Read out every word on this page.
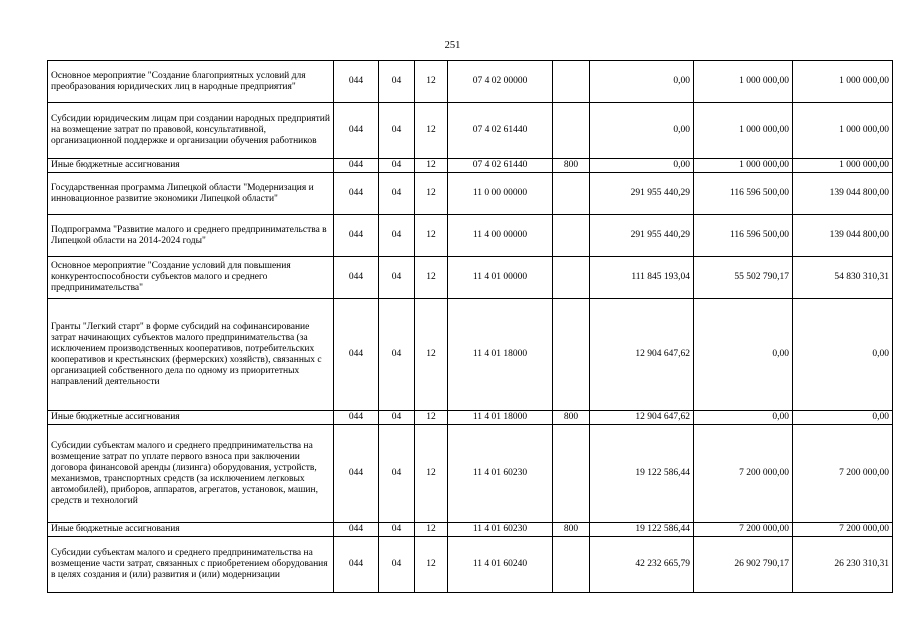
251
Основное мероприятие "Создание благоприятных условий для преобразования юридических лиц в народные предприятия"	044	04	12	07 4 02 00000		0,00	1 000 000,00	1 000 000,00
Субсидии юридическим лицам при создании народных предприятий на возмещение затрат по правовой, консультативной, организационной поддержке и организации обучения работников	044	04	12	07 4 02 61440		0,00	1 000 000,00	1 000 000,00
Иные бюджетные ассигнования	044	04	12	07 4 02 61440	800	0,00	1 000 000,00	1 000 000,00
Государственная программа Липецкой области "Модернизация и инновационное развитие экономики Липецкой области"	044	04	12	11 0 00 00000		291 955 440,29	116 596 500,00	139 044 800,00
Подпрограмма "Развитие малого и среднего предпринимательства в Липецкой области на 2014-2024 годы"	044	04	12	11 4 00 00000		291 955 440,29	116 596 500,00	139 044 800,00
Основное мероприятие "Создание условий для повышения конкурентоспособности субъектов малого и среднего предпринимательства"	044	04	12	11 4 01 00000		111 845 193,04	55 502 790,17	54 830 310,31
Гранты "Легкий старт" в форме субсидий на софинансирование затрат начинающих субъектов малого предпринимательства (за исключением производственных кооперативов, потребительских кооперативов и крестьянских (фермерских) хозяйств), связанных с организацией собственного дела по одному из приоритетных направлений деятельности	044	04	12	11 4 01 18000		12 904 647,62	0,00	0,00
Иные бюджетные ассигнования	044	04	12	11 4 01 18000	800	12 904 647,62	0,00	0,00
Субсидии субъектам малого и среднего предпринимательства на возмещение затрат по уплате первого взноса при заключении договора финансовой аренды (лизинга) оборудования, устройств, механизмов, транспортных средств (за исключением легковых автомобилей), приборов, аппаратов, агрегатов, установок, машин, средств и технологий	044	04	12	11 4 01 60230		19 122 586,44	7 200 000,00	7 200 000,00
Иные бюджетные ассигнования	044	04	12	11 4 01 60230	800	19 122 586,44	7 200 000,00	7 200 000,00
Субсидии субъектам малого и среднего предпринимательства на возмещение части затрат, связанных с приобретением оборудования в целях создания и (или) развития и (или) модернизации	044	04	12	11 4 01 60240		42 232 665,79	26 902 790,17	26 230 310,31
